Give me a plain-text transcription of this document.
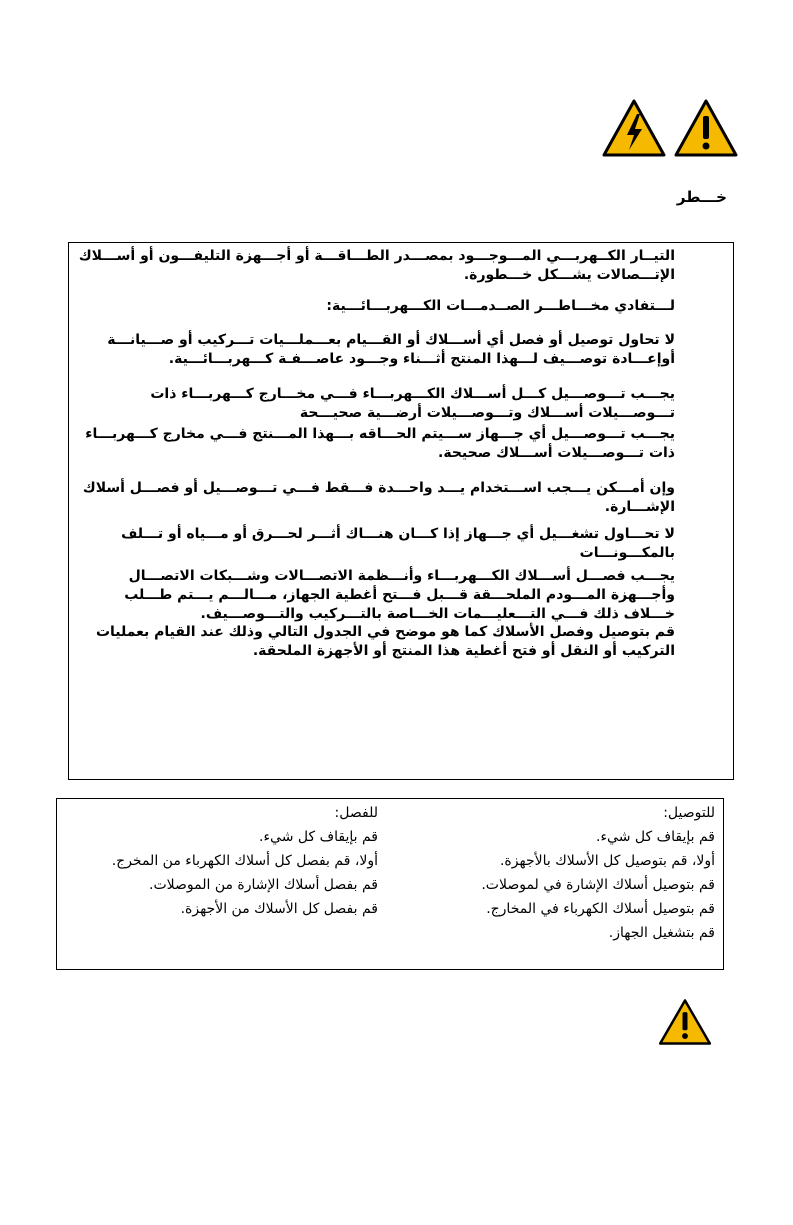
خـــطر

التيــار الكــهربـــي المـــوجـــود بمصـــدر الطـــاقـــة أو أجـــهزة التليفـــون أو أســـلاك الإتـــصالات يشـــكل خـــطورة.

لـــتفادي مخـــاطـــر الصــدمـــات الكـــهربـــائـــية:

لا تحاول توصيل أو فصل أي أســـلاك أو القـــيام بعـــملـــيات تـــركيب أو صـــيانـــة أوإعـــادة توصـــيف لـــهذا المنتج أثـــناء وجـــود عاصـــفـة كـــهربـــائـــية.

يجـــب تـــوصـــيل كـــل أســـلاك الكـــهربـــاء فـــي مخـــارج كـــهربـــاء ذات تـــوصـــيلات أســـلاك وتـــوصـــيلات أرضـــية صحيـــحة

يجـــب تـــوصـــيل أي جـــهاز ســـيتم الحـــاقه بـــهذا المـــنتج فـــي مخارج كـــهربـــاء ذات تـــوصـــيلات أســـلاك صحيحة.

وإن أمـــكن يـــجب اســـتخدام يـــد واحـــدة فـــقط فـــي تـــوصـــيل أو فصـــل أسلاك الإشـــارة.

لا تحـــاول تشغـــيل أي جـــهاز إذا كـــان هنـــاك أثـــر لحـــرق أو مـــياه أو تـــلف بالمكـــونـــات

يجـــب فصـــل أســـلاك الكـــهربـــاء وأنـــظمة الاتصـــالات وشـــبكات الاتصـــال وأجـــهزة المـــودم الملحـــقة قـــبل فـــتح أغطية الجهاز، مـــالـــم يـــتم طـــلب خـــلاف ذلك فـــي التـــعليـــمات الخـــاصة بالتـــركيب والتـــوصـــيف.

قم بتوصيل وفصل الأسلاك كما هو موضح في الجدول التالي وذلك عند القيام بعمليات التركيب أو النقل أو فتح أغطية هذا المنتج أو الأجهزة الملحقة.

للتوصيل:
قم بإيقاف كل شيء.
أولا، قم بتوصيل كل الأسلاك بالأجهزة.
قم بتوصيل أسلاك الإشارة في لموصلات.
قم بتوصيل أسلاك الكهرباء في المخارج.
قم بتشغيل الجهاز.
للفصل:
قم بإيقاف كل شيء.
أولا، قم بفصل كل أسلاك الكهرباء من المخرج.
قم بفصل أسلاك الإشارة من الموصلات.
قم بفصل كل الأسلاك من الأجهزة.
